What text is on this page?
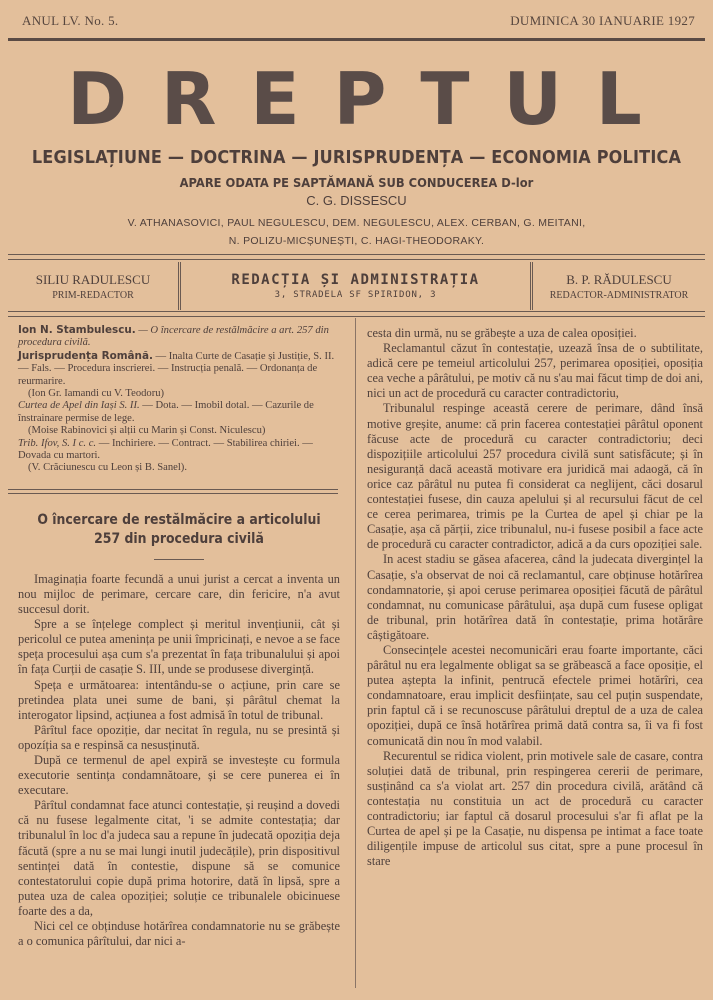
ANUL LV. No. 5.	DUMINICA 30 IANUARIE 1927
DREPTUL
LEGISLAȚIUNE — DOCTRINA — JURISPRUDENȚA — ECONOMIA POLITICA
APARE ODATA PE SAPTĂMANĂ SUB CONDUCEREA D-lor
C. G. DISSESCU
V. ATHANASOVICI, PAUL NEGULESCU, DEM. NEGULESCU, ALEX. CERBAN, G. MEITANI,
N. POLIZU-MICȘUNEȘTI, C. HAGI-THEODORAKY.
SILIU RADULESCU
PRIM-REDACTOR
REDACȚIA ȘI ADMINISTRAȚIA
3, STRADELA SF SPIRIDON, 3
B. P. RĂDULESCU
REDACTOR-ADMINISTRATOR

Ion N. Stambulescu. — O încercare de restălmăcire a art. 257 din procedura civilă.

Jurisprudența Română. — Inalta Curte de Casație și Justiție, S. II. — Fals. — Procedura inscrierei. — Instrucția penală. — Ordonanța de reurmarire.

(Ion Gr. Iamandi cu V. Teodoru)

Curtea de Apel din Iași S. II. — Dota. — Imobil dotal. — Cazurile de înstrainare permise de lege.

(Moise Rabinovici și alții cu Marin și Const. Niculescu)

Trib. Ifov, S. I c. c. — Inchiriere. — Contract. — Stabilirea chiriei. — Dovada cu martori.

(V. Crăciunescu cu Leon și B. Sanel).

O încercare de restălmăcire a articolului 257 din procedura civilă

Imaginația foarte fecundă a unui jurist a cercat a inventa un nou mijloc de perimare, cercare care, din fericire, n'a avut succesul dorit.

Spre a se înțelege complect și meritul invențiunii, cât și pericolul ce putea amenința pe unii împricinați, e nevoe a se face speța procesului așa cum s'a prezentat în fața tribunalului și apoi în fața Curții de casație S. III, unde se produsese divergință.

Speța e următoarea: intentându-se o acțiune, prin care se pretindea plata unei sume de bani, și pârâtul chemat la interogator lipsind, acțiunea a fost admisă în totul de tribunal.

Pârîtul face opoziție, dar necitat în regula, nu se presintă și opozíția sa e respinsă ca nesusținută.

După ce termenul de apel expiră se investește cu formula executorie sentința condamnătoare, și se cere punerea ei în executare.

Pârîtul condamnat face atunci contestație, și reușind a dovedi că nu fusese legalmente citat, 'i se admite contestația; dar tribunalul în loc d'a judeca sau a repune în judecată opoziția deja făcută (spre a nu se mai lungi inutil judecățile), prin dispositivul sentinței dată în contestie, dispune să se comunice contestatorului copie după prima hotorire, dată în lipsă, spre a putea uza de calea opoziției; soluție ce tribunalele obicinuese foarte des a da,

Nici cel ce obținduse hotărîrea condamnatorie nu se grăbește a o comunica pârîtului, dar nici a-

cesta din urmă, nu se grăbește a uza de calea oposiției.

Reclamantul căzut în contestație, uzează însa de o subtilitate, adică cere pe temeiul articolului 257, perimarea oposiției, oposiția cea veche a pârâtului, pe motiv că nu s'au mai făcut timp de doi ani, nici un act de procedură cu caracter contradictoriu,

Tribunalul respinge această cerere de perimare, dând însă motive greșite, anume: că prin facerea contestației pârâtul oponent făcuse acte de procedură cu caracter contradictoriu; deci dispozițiile articolului 257 procedura civilă sunt satisfăcute; și în nesiguranță dacă această motivare era juridică mai adaogă, că în orice caz pârâtul nu putea fi considerat ca neglijent, căci dosarul contestației fusese, din cauza apelului și al recursului făcut de cel ce cerea perimarea, trimis pe la Curtea de apel și chiar pe la Casație, așa că părții, zice tribunalul, nu-i fusese posibil a face acte de procedură cu caracter contradictor, adică a da curs opoziției sale.

In acest stadiu se găsea afacerea, când la judecata divergințel la Casație, s'a observat de noi că reclamantul, care obținuse hotărîrea condamnatorie, și apoi ceruse perimarea oposiției făcută de pârâtul condamnat, nu comunicase pârâtului, așa după cum fusese opligat de tribunal, prin hotărîrea dată în contestație, prima hotărâre câștigătoare.

Consecințele acestei necomunicări erau foarte importante, căci pârâtul nu era legalmente obligat sa se grăbească a face oposiție, el putea aștepta la infinit, pentrucă efectele primei hotărîri, cea condamnatoare, erau implicit desființate, sau cel puțin suspendate, prin faptul că i se recunoscuse pârâtului dreptul de a uza de calea opoziției, după ce însă hotărîrea primă dată contra sa, îi va fi fost comunicată din nou în mod valabil.

Recurentul se ridica violent, prin motivele sale de casare, contra soluției dată de tribunal, prin respingerea cererii de perimare, susținând ca s'a violat art. 257 din procedura civilă, arătând că contestația nu constituia un act de procedură cu caracter contradictoriu; iar faptul că dosarul procesului s'ar fi aflat pe la Curtea de apel și pe la Casație, nu dispensa pe intimat a face toate diligențile impuse de articolul sus citat, spre a pune procesul în stare
